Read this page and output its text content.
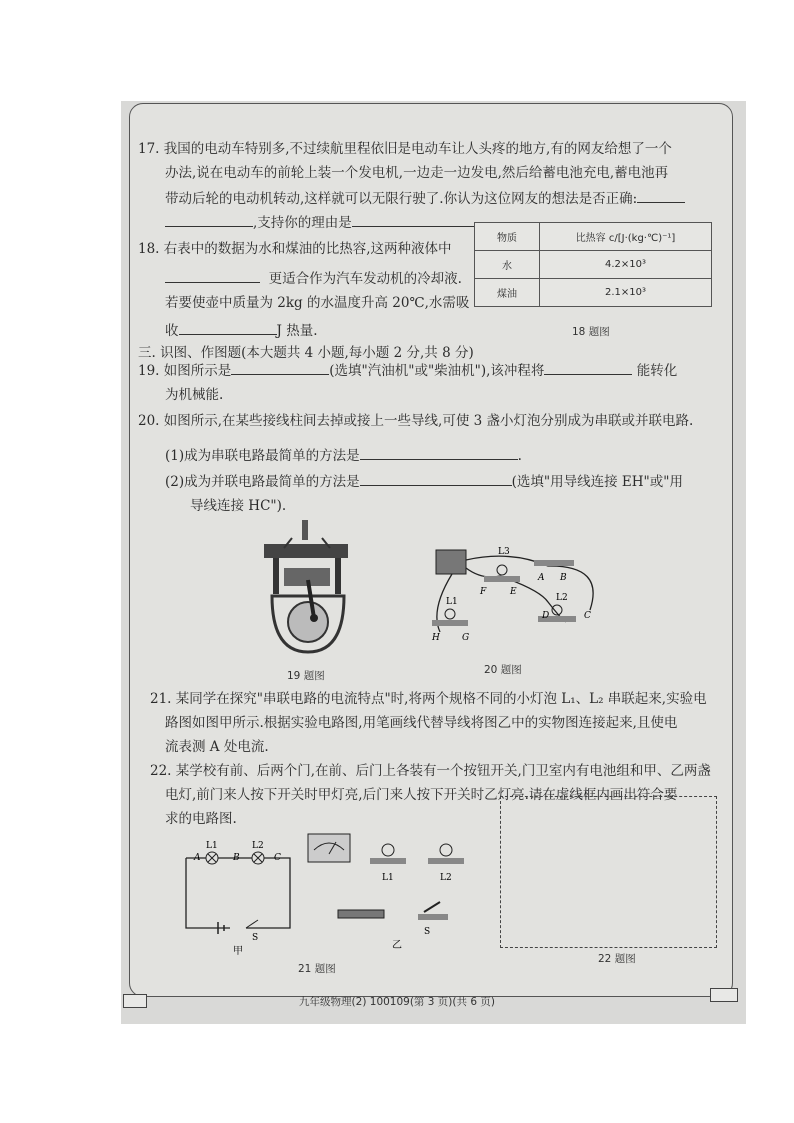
17. 我国的电动车特别多,不过续航里程依旧是电动车让人头疼的地方,有的网友给想了一个
办法,说在电动车的前轮上装一个发电机,一边走一边发电,然后给蓄电池充电,蓄电池再
带动后轮的电动机转动,这样就可以无限行驶了.你认为这位网友的想法是否正确:
,支持你的理由是
18. 右表中的数据为水和煤油的比热容,这两种液体中
更适合作为汽车发动机的冷却液.
若要使壶中质量为 2kg 的水温度升高 20℃,水需吸
收	J 热量.
物质	比热容 c/[J·(kg·℃)⁻¹]
水	4.2×10³
煤油	2.1×10³
18 题图
三. 识图、作图题(本大题共 4 小题,每小题 2 分,共 8 分)
19. 如图所示是	(选填"汽油机"或"柴油机"),该冲程将	能转化
为机械能.
20. 如图所示,在某些接线柱间去掉或接上一些导线,可使 3 盏小灯泡分别成为串联或并联电路.
(1)成为串联电路最简单的方法是	.
(2)成为并联电路最简单的方法是	(选填"用导线连接 EH"或"用
导线连接 HC").
19 题图
L3
A B
F	E
L1	L2
H G
D	C
20 题图
21. 某同学在探究"串联电路的电流特点"时,将两个规格不同的小灯泡 L₁、L₂ 串联起来,实验电
路图如图甲所示.根据实验电路图,用笔画线代替导线将图乙中的实物图连接起来,且使电
流表测 A 处电流.
22. 某学校有前、后两个门,在前、后门上各装有一个按钮开关,门卫室内有电池组和甲、乙两盏
电灯,前门来人按下开关时甲灯亮,后门来人按下开关时乙灯亮.请在虚线框内画出符合要
求的电路图.
L1	L2
A	B	C
S
甲
L1	L2
S
乙
21 题图
22 题图
九年级物理(2) 100109(第 3 页)(共 6 页)
